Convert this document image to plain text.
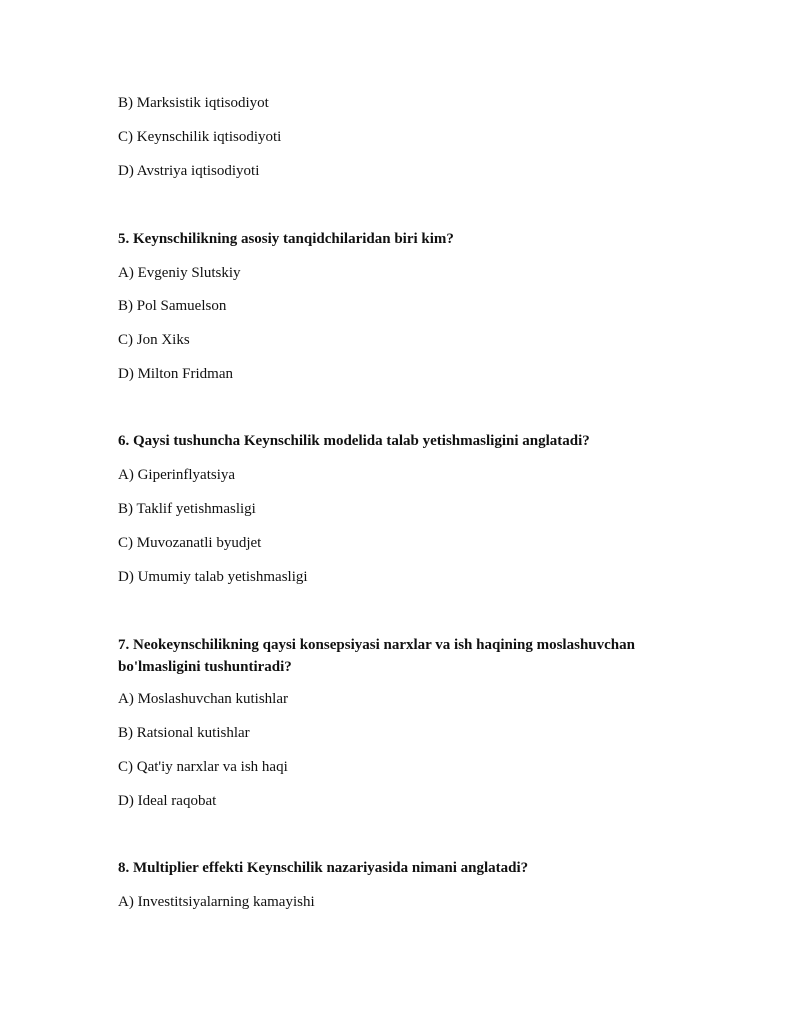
B) Marksistik iqtisodiyot
C) Keynschilik iqtisodiyoti
D) Avstriya iqtisodiyoti
5. Keynschilikning asosiy tanqidchilaridan biri kim?
A) Evgeniy Slutskiy
B) Pol Samuelson
C) Jon Xiks
D) Milton Fridman
6. Qaysi tushuncha Keynschilik modelida talab yetishmasligini anglatadi?
A) Giperinflyatsiya
B) Taklif yetishmasligi
C) Muvozanatli byudjet
D) Umumiy talab yetishmasligi
7. Neokeynschilikning qaysi konsepsiyasi narxlar va ish haqining moslashuvchan bo'lmasligini tushuntiradi?
A) Moslashuvchan kutishlar
B) Ratsional kutishlar
C) Qat'iy narxlar va ish haqi
D) Ideal raqobat
8. Multiplier effekti Keynschilik nazariyasida nimani anglatadi?
A) Investitsiyalarning kamayishi
